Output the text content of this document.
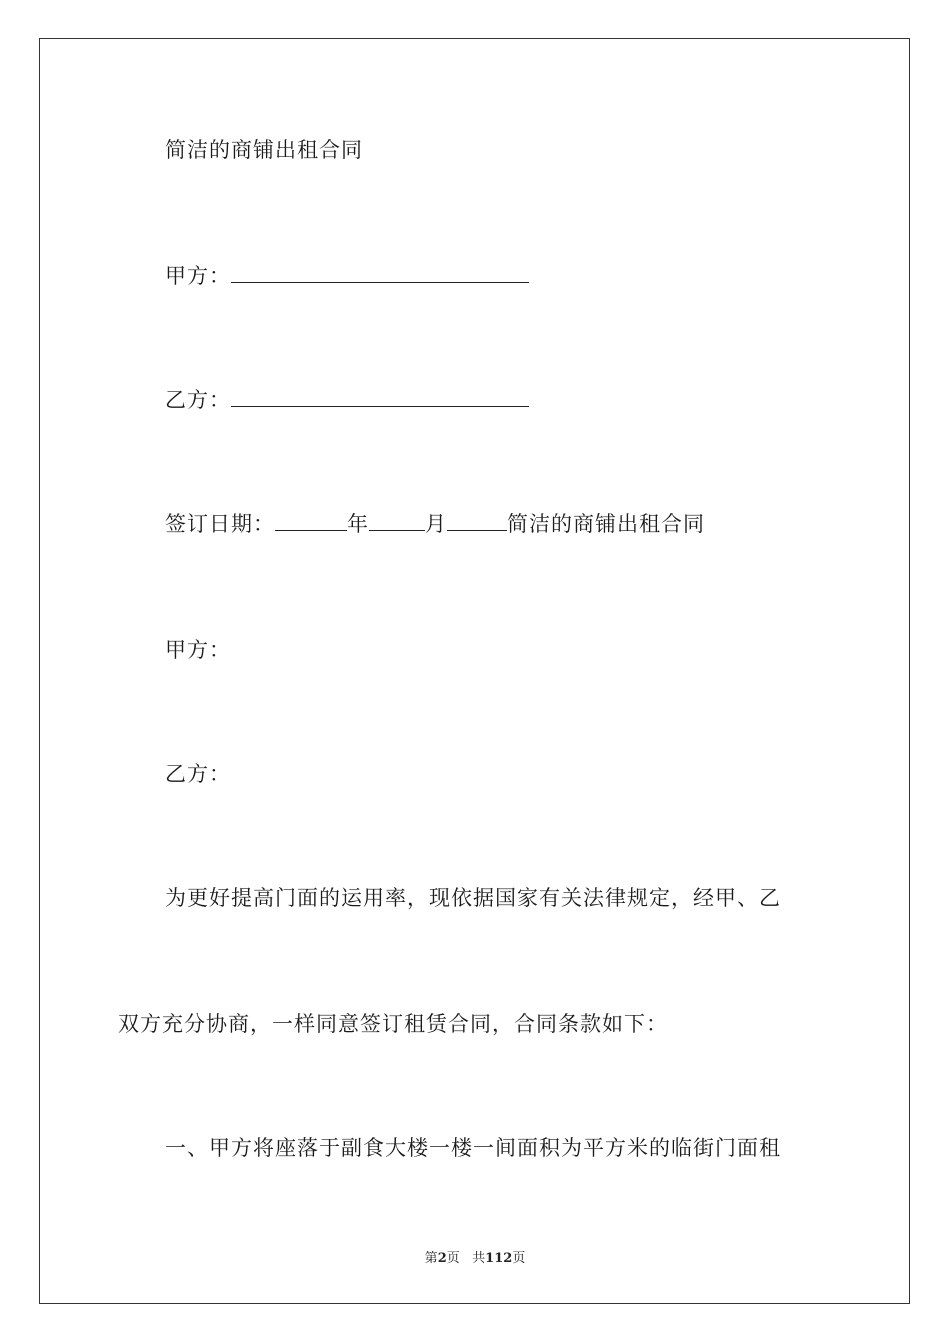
简洁的商铺出租合同
甲方：
乙方：
签订日期：	年	月	简洁的商铺出租合同
甲方：
乙方：
为更好提高门面的运用率，现依据国家有关法律规定，经甲、乙
双方充分协商，一样同意签订租赁合同，合同条款如下：
一、甲方将座落于副食大楼一楼一间面积为平方米的临街门面租
第2页 共112页
